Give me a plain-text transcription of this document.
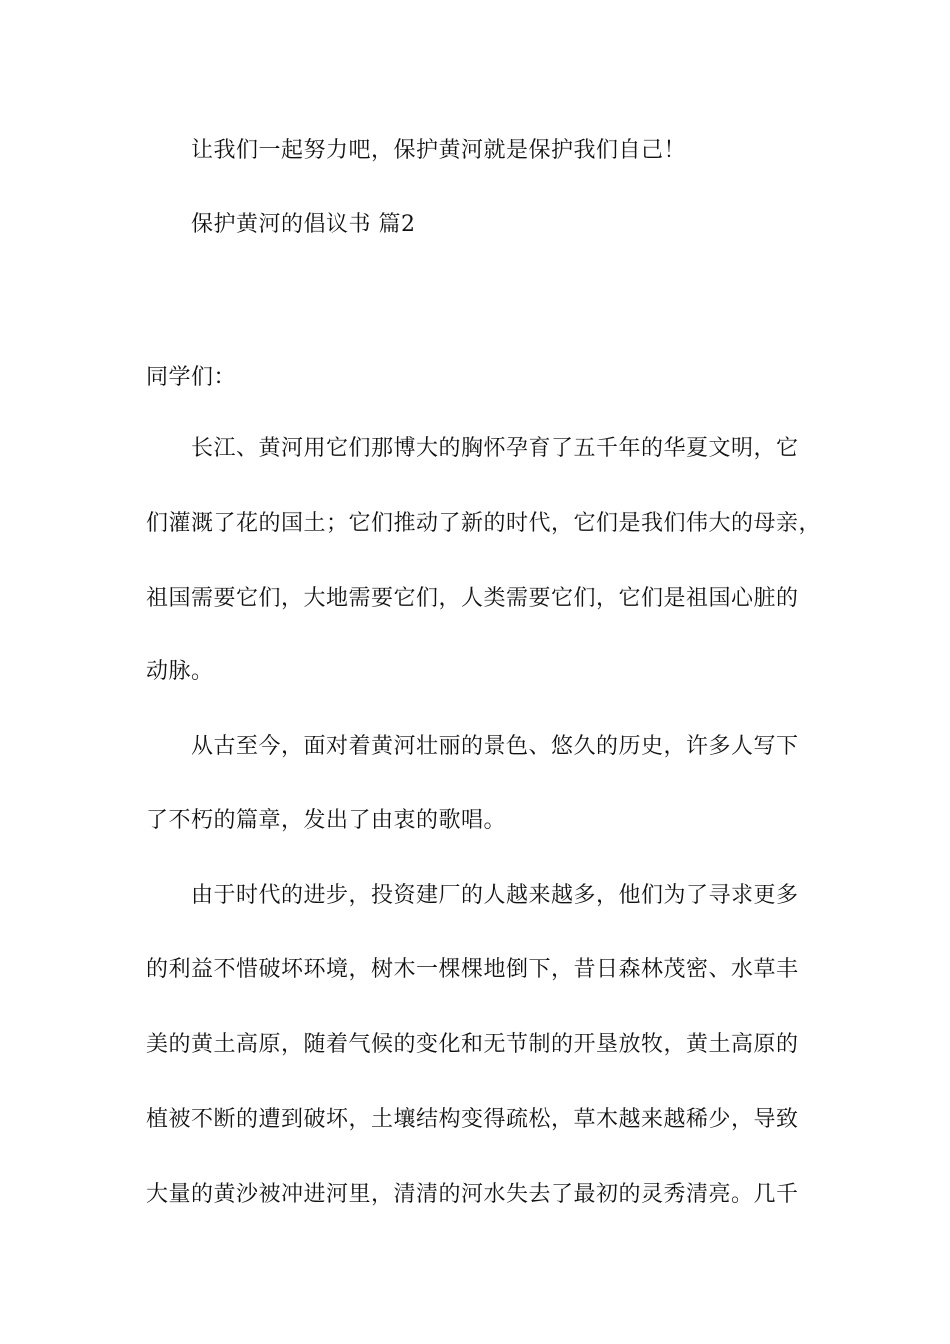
让我们一起努力吧，保护黄河就是保护我们自己！
保护黄河的倡议书 篇2
同学们：
长江、黄河用它们那博大的胸怀孕育了五千年的华夏文明，它
们灌溉了花的国土；它们推动了新的时代，它们是我们伟大的母亲，
祖国需要它们，大地需要它们，人类需要它们，它们是祖国心脏的
动脉。
从古至今，面对着黄河壮丽的景色、悠久的历史，许多人写下
了不朽的篇章，发出了由衷的歌唱。
由于时代的进步，投资建厂的人越来越多，他们为了寻求更多
的利益不惜破坏环境，树木一棵棵地倒下，昔日森林茂密、水草丰
美的黄土高原，随着气候的变化和无节制的开垦放牧，黄土高原的
植被不断的遭到破坏，土壤结构变得疏松，草木越来越稀少，导致
大量的黄沙被冲进河里，清清的河水失去了最初的灵秀清亮。几千
